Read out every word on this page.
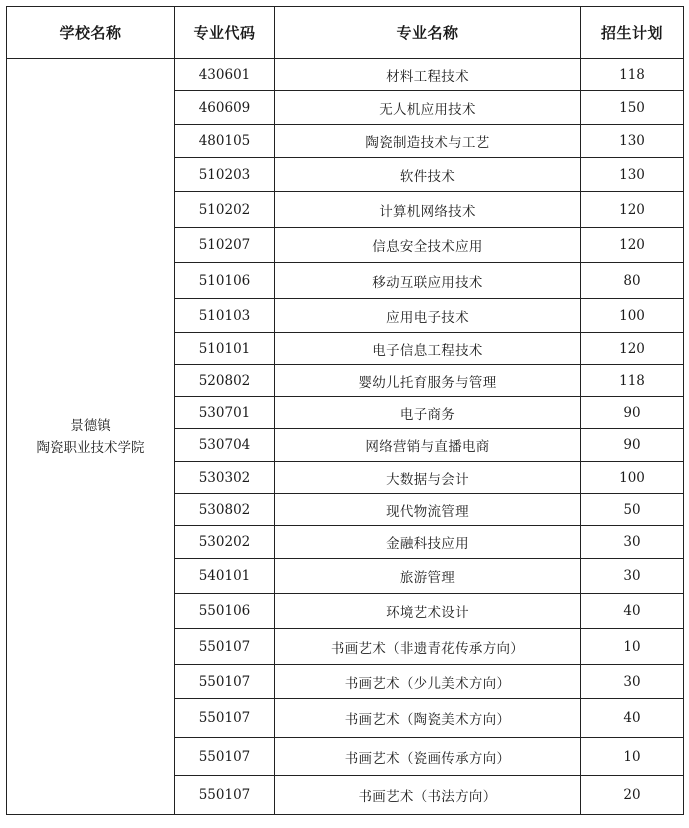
学校名称	专业代码	专业名称	招生计划

景德镇
陶瓷职业技术学院	430601	材料工程技术	118
	460609	无人机应用技术	150
	480105	陶瓷制造技术与工艺	130
	510203	软件技术	130
	510202	计算机网络技术	120
	510207	信息安全技术应用	120
	510106	移动互联应用技术	80
	510103	应用电子技术	100
	510101	电子信息工程技术	120
	520802	婴幼儿托育服务与管理	118
	530701	电子商务	90
	530704	网络营销与直播电商	90
	530302	大数据与会计	100
	530802	现代物流管理	50
	530202	金融科技应用	30
	540101	旅游管理	30
	550106	环境艺术设计	40
	550107	书画艺术（非遗青花传承方向）	10
	550107	书画艺术（少儿美术方向）	30
	550107	书画艺术（陶瓷美术方向）	40
	550107	书画艺术（瓷画传承方向）	10
	550107	书画艺术（书法方向）	20
